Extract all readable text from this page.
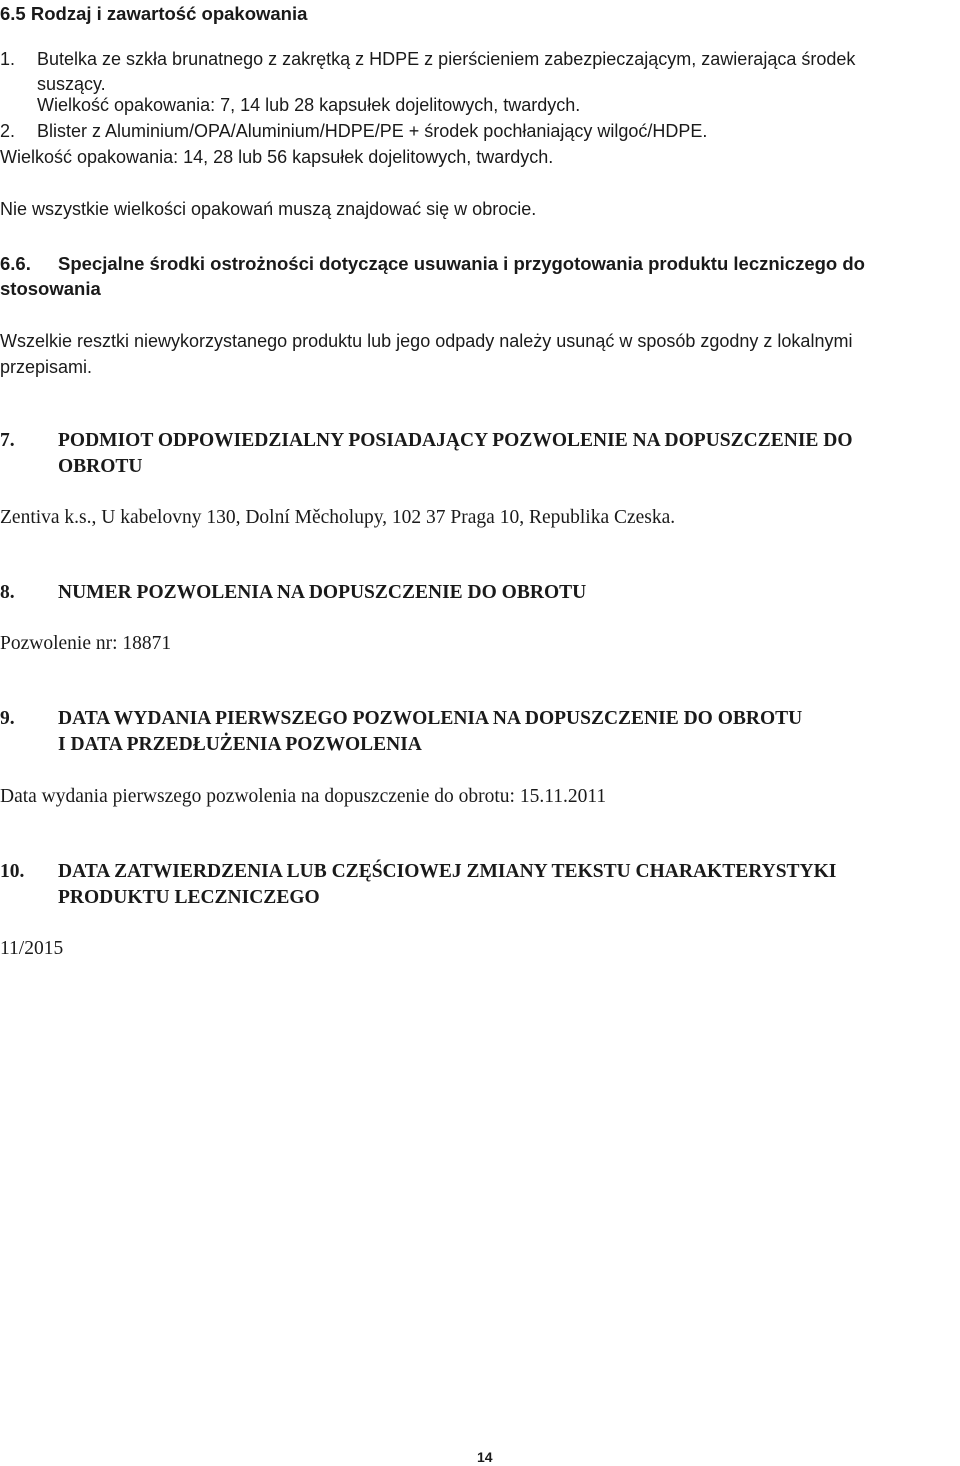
6.5 Rodzaj i zawartość opakowania
1. Butelka ze szkła brunatnego z zakrętką z HDPE z pierścieniem zabezpieczającym, zawierająca środek
suszący.
Wielkość opakowania: 7, 14 lub 28 kapsułek dojelitowych, twardych.
2. Blister z Aluminium/OPA/Aluminium/HDPE/PE + środek pochłaniający wilgoć/HDPE.
Wielkość opakowania: 14, 28 lub 56 kapsułek dojelitowych, twardych.
Nie wszystkie wielkości opakowań muszą znajdować się w obrocie.
6.6. Specjalne środki ostrożności dotyczące usuwania i przygotowania produktu leczniczego do
stosowania
Wszelkie resztki niewykorzystanego produktu lub jego odpady należy usunąć w sposób zgodny z lokalnymi
przepisami.
7. PODMIOT ODPOWIEDZIALNY POSIADAJĄCY POZWOLENIE NA DOPUSZCZENIE DO
OBROTU
Zentiva k.s., U kabelovny 130, Dolní Měcholupy, 102 37 Praga 10, Republika Czeska.
8. NUMER POZWOLENIA NA DOPUSZCZENIE DO OBROTU
Pozwolenie nr: 18871
9. DATA WYDANIA PIERWSZEGO POZWOLENIA NA DOPUSZCZENIE DO OBROTU
I DATA PRZEDŁUŻENIA POZWOLENIA
Data wydania pierwszego pozwolenia na dopuszczenie do obrotu: 15.11.2011
10. DATA ZATWIERDZENIA LUB CZĘŚCIOWEJ ZMIANY TEKSTU CHARAKTERYSTYKI
PRODUKTU LECZNICZEGO
11/2015
14
